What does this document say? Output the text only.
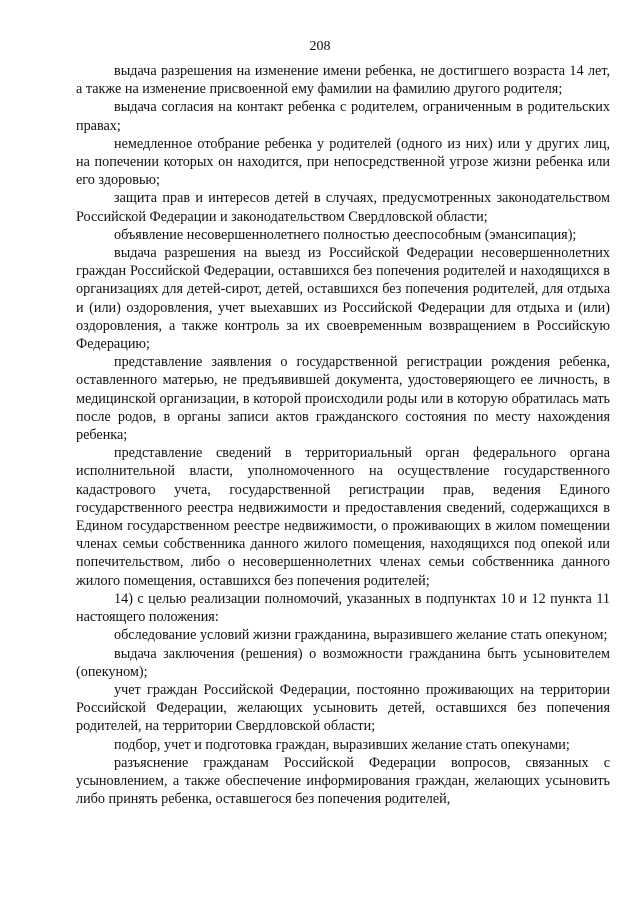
208

выдача разрешения на изменение имени ребенка, не достигшего возраста 14 лет, а также на изменение присвоенной ему фамилии на фамилию другого родителя;

выдача согласия на контакт ребенка с родителем, ограниченным в родительских правах;

немедленное отобрание ребенка у родителей (одного из них) или у других лиц, на попечении которых он находится, при непосредственной угрозе жизни ребенка или его здоровью;

защита прав и интересов детей в случаях, предусмотренных законодательством Российской Федерации и законодательством Свердловской области;

объявление несовершеннолетнего полностью дееспособным (эмансипация);

выдача разрешения на выезд из Российской Федерации несовершеннолетних граждан Российской Федерации, оставшихся без попечения родителей и находящихся в организациях для детей-сирот, детей, оставшихся без попечения родителей, для отдыха и (или) оздоровления, учет выехавших из Российской Федерации для отдыха и (или) оздоровления, а также контроль за их своевременным возвращением в Российскую Федерацию;

представление заявления о государственной регистрации рождения ребенка, оставленного матерью, не предъявившей документа, удостоверяющего ее личность, в медицинской организации, в которой происходили роды или в которую обратилась мать после родов, в органы записи актов гражданского состояния по месту нахождения ребенка;

представление сведений в территориальный орган федерального органа исполнительной власти, уполномоченного на осуществление государственного кадастрового учета, государственной регистрации прав, ведения Единого государственного реестра недвижимости и предоставления сведений, содержащихся в Едином государственном реестре недвижимости, о проживающих в жилом помещении членах семьи собственника данного жилого помещения, находящихся под опекой или попечительством, либо о несовершеннолетних членах семьи собственника данного жилого помещения, оставшихся без попечения родителей;

14) с целью реализации полномочий, указанных в подпунктах 10 и 12 пункта 11 настоящего положения:

обследование условий жизни гражданина, выразившего желание стать опекуном;

выдача заключения (решения) о возможности гражданина быть усыновителем (опекуном);

учет граждан Российской Федерации, постоянно проживающих на территории Российской Федерации, желающих усыновить детей, оставшихся без попечения родителей, на территории Свердловской области;

подбор, учет и подготовка граждан, выразивших желание стать опекунами;

разъяснение гражданам Российской Федерации вопросов, связанных с усыновлением, а также обеспечение информирования граждан, желающих усыновить либо принять ребенка, оставшегося без попечения родителей,
